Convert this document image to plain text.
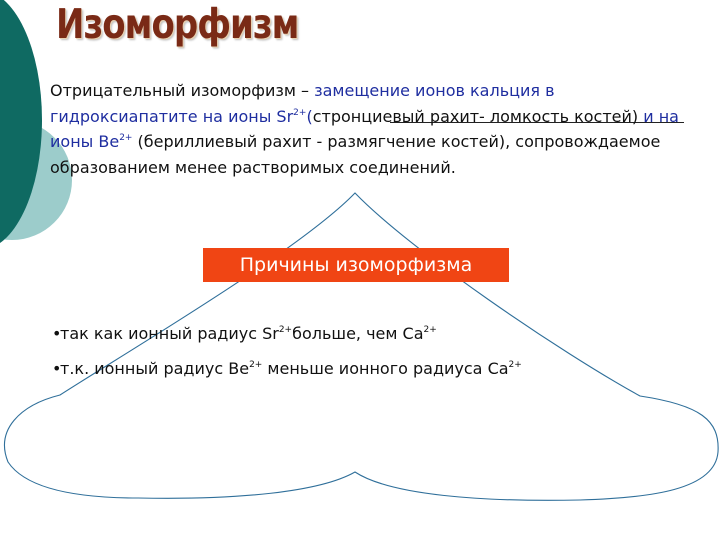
Изоморфизм

Отрицательный изоморфизм – замещение ионов кальция в гидроксиапатите на ионы $Sr^{2+}(стронциевый$ рахит- ломкость костей) и на ионы $Be^{2+}$ (бериллиевый рахит - размягчение костей), сопровождаемое образованием менее растворимых соединений.

Причины изоморфизма
•
так как ионный радиус $Sr^{2+}больше$, чем $Ca^{2+}$
•
т.к. ионный радиус $Be^{2+}$ меньше ионного радиуса $Ca^{2+}$
